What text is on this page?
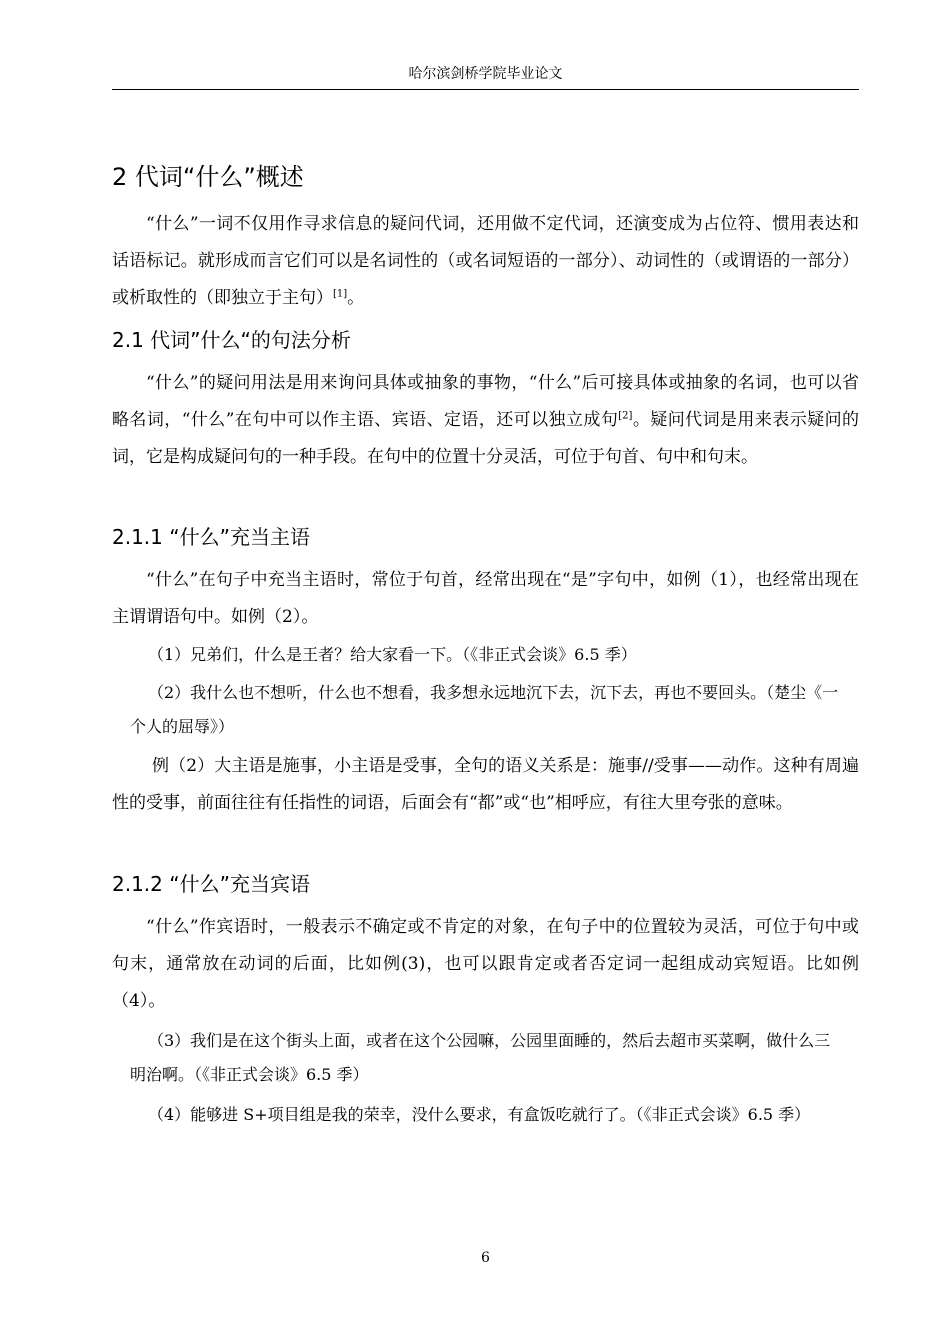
哈尔滨剑桥学院毕业论文
2 代词“什么”概述
“什么”一词不仅用作寻求信息的疑问代词，还用做不定代词，还演变成为占位符、惯用表达和话语标记。就形成而言它们可以是名词性的（或名词短语的一部分）、动词性的（或谓语的一部分）或析取性的（即独立于主句）[1]。
2.1 代词”什么“的句法分析
“什么”的疑问用法是用来询问具体或抽象的事物，“什么”后可接具体或抽象的名词，也可以省略名词，“什么”在句中可以作主语、宾语、定语，还可以独立成句[2]。疑问代词是用来表示疑问的词，它是构成疑问句的一种手段。在句中的位置十分灵活，可位于句首、句中和句末。
2.1.1 “什么”充当主语
“什么”在句子中充当主语时，常位于句首，经常出现在“是”字句中，如例（1），也经常出现在主谓谓语句中。如例（2）。
（1）兄弟们，什么是王者？给大家看一下。（《非正式会谈》6.5 季）
（2）我什么也不想听，什么也不想看，我多想永远地沉下去，沉下去，再也不要回头。（楚尘《一个人的屈辱》）
例（2）大主语是施事，小主语是受事，全句的语义关系是：施事//受事——动作。这种有周遍性的受事，前面往往有任指性的词语，后面会有“都”或“也”相呼应，有往大里夸张的意味。
2.1.2 “什么”充当宾语
“什么”作宾语时，一般表示不确定或不肯定的对象，在句子中的位置较为灵活，可位于句中或句末，通常放在动词的后面，比如例(3)，也可以跟肯定或者否定词一起组成动宾短语。比如例（4）。
（3）我们是在这个街头上面，或者在这个公园嘛，公园里面睡的，然后去超市买菜啊，做什么三明治啊。（《非正式会谈》6.5 季）
（4）能够进 S+项目组是我的荣幸，没什么要求，有盒饭吃就行了。（《非正式会谈》6.5 季）
6
